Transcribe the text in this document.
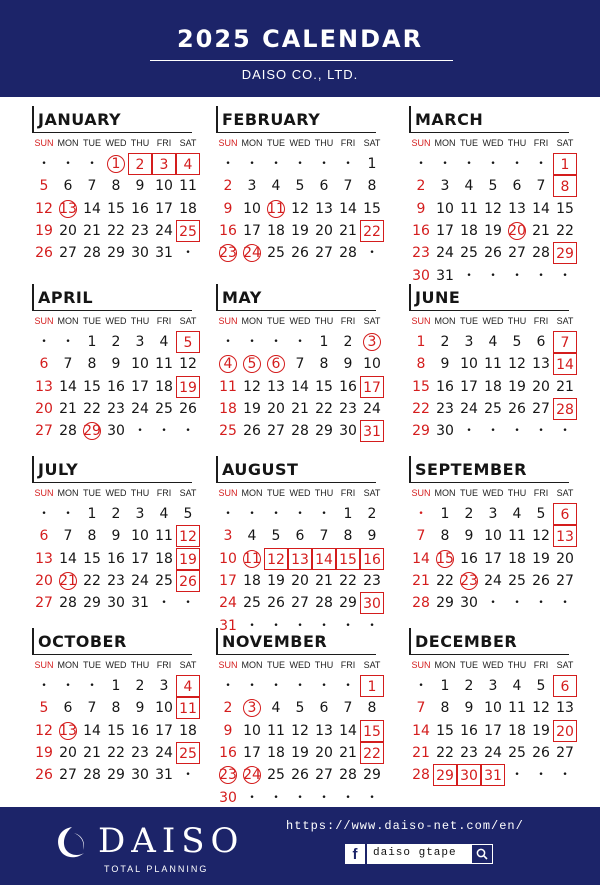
2025 CALENDAR
DAISO CO., LTD.
JANUARY
SUN MON TUE WED THU FRI SAT
•	•	•	1	2	3	4
5	6	7	8	9 10 11
12 13 14 15 16 17 18
19 20 21 22 23 24 25
26 27 28 29 30 31	•
FEBRUARY
SUN MON TUE WED THU FRI SAT
•	•	•	•	•	•	1
2	3	4	5	6	7	8
9 10 11 12 13 14 15
16 17 18 19 20 21 22
23 24 25 26 27 28	•
MARCH
SUN MON TUE WED THU FRI SAT
•	•	•	•	•	•	1
2	3	4	5	6	7	8
9 10 11 12 13 14 15
16 17 18 19 20 21 22
23 24 25 26 27 28 29
30 31	•	•	•	•	•
APRIL
SUN MON TUE WED THU FRI SAT
•	•	1	2	3	4	5
6	7	8	9 10 11 12
13 14 15 16 17 18 19
20 21 22 23 24 25 26
27 28 29 30	•	•	•
MAY
SUN MON TUE WED THU FRI SAT
•	•	•	•	1	2	3
4	5	6	7	8	9 10
11 12 13 14 15 16 17
18 19 20 21 22 23 24
25 26 27 28 29 30 31
JUNE
SUN MON TUE WED THU FRI SAT
1	2	3	4	5	6	7
8	9 10 11 12 13 14
15 16 17 18 19 20 21
22 23 24 25 26 27 28
29 30	•	•	•	•	•
JULY
SUN MON TUE WED THU FRI SAT
•	•	1	2	3	4	5
6	7	8	9 10 11 12
13 14 15 16 17 18 19
20 21 22 23 24 25 26
27 28 29 30 31	•	•
AUGUST
SUN MON TUE WED THU FRI SAT
•	•	•	•	•	1	2
3	4	5	6	7	8	9
10 11 12 13 14 15 16
17 18 19 20 21 22 23
24 25 26 27 28 29 30
31	•	•	•	•	•	•
SEPTEMBER
SUN MON TUE WED THU FRI SAT
•	1	2	3	4	5	6
7	8	9 10 11 12 13
14 15 16 17 18 19 20
21 22 23 24 25 26 27
28 29 30	•	•	•	•
OCTOBER
SUN MON TUE WED THU FRI SAT
•	•	•	1	2	3	4
5	6	7	8	9 10 11
12 13 14 15 16 17 18
19 20 21 22 23 24 25
26 27 28 29 30 31	•
NOVEMBER
SUN MON TUE WED THU FRI SAT
•	•	•	•	•	•	1
2	3	4	5	6	7	8
9 10 11 12 13 14 15
16 17 18 19 20 21 22
23 24 25 26 27 28 29
30	•	•	•	•	•	•
DECEMBER
SUN MON TUE WED THU FRI SAT
•	1	2	3	4	5	6
7	8	9 10 11 12 13
14 15 16 17 18 19 20
21 22 23 24 25 26 27
28 29 30 31	•	•	•
DAISO
TOTAL PLANNING
https://www.daiso-net.com/en/
f	daiso gtape
